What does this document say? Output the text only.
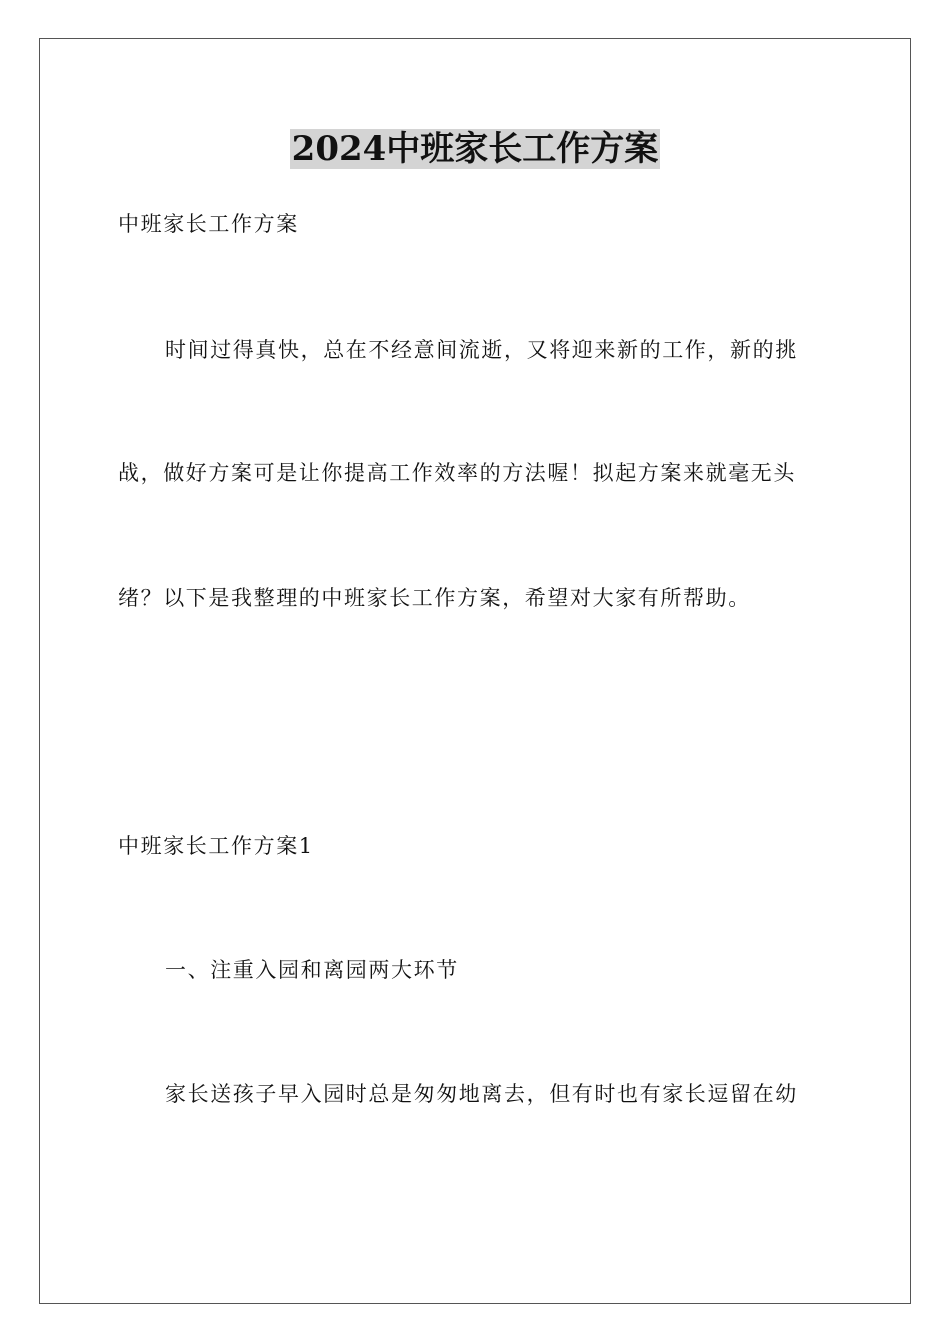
2024中班家长工作方案
中班家长工作方案
时间过得真快，总在不经意间流逝，又将迎来新的工作，新的挑
战，做好方案可是让你提高工作效率的方法喔！拟起方案来就毫无头
绪？以下是我整理的中班家长工作方案，希望对大家有所帮助。
中班家长工作方案1
一、注重入园和离园两大环节
家长送孩子早入园时总是匆匆地离去，但有时也有家长逗留在幼
